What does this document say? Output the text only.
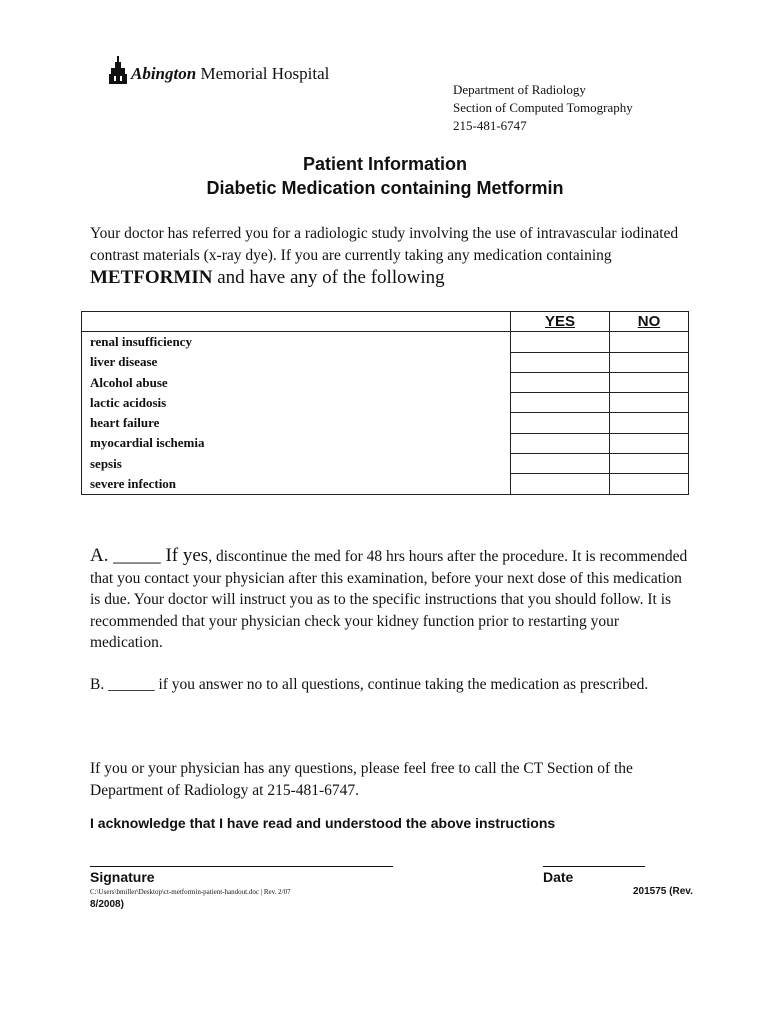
Abington Memorial Hospital
Department of Radiology
Section of Computed Tomography
215-481-6747
Patient Information
Diabetic Medication containing Metformin
Your doctor has referred you for a radiologic study involving the use of intravascular iodinated contrast materials (x-ray dye). If you are currently taking any medication containing METFORMIN and have any of the following
	YES	NO
renal insufficiency		
liver disease		
Alcohol abuse		
lactic acidosis		
heart failure		
myocardial ischemia		
sepsis		
severe infection		
A. _____ If yes, discontinue the med for 48 hrs hours after the procedure. It is recommended that you contact your physician after this examination, before your next dose of this medication is due. Your doctor will instruct you as to the specific instructions that you should follow. It is recommended that your physician check your kidney function prior to restarting your medication.
B. ______ if you answer no to all questions, continue taking the medication as prescribed.
If you or your physician has any questions, please feel free to call the CT Section of the Department of Radiology at 215-481-6747.
I acknowledge that I have read and understood the above instructions
Signature	Date
C:\Users\bmiller\Desktop\ct-metformin-patient-handout.doc | Rev. 2/07	201575 (Rev.
8/2008)
